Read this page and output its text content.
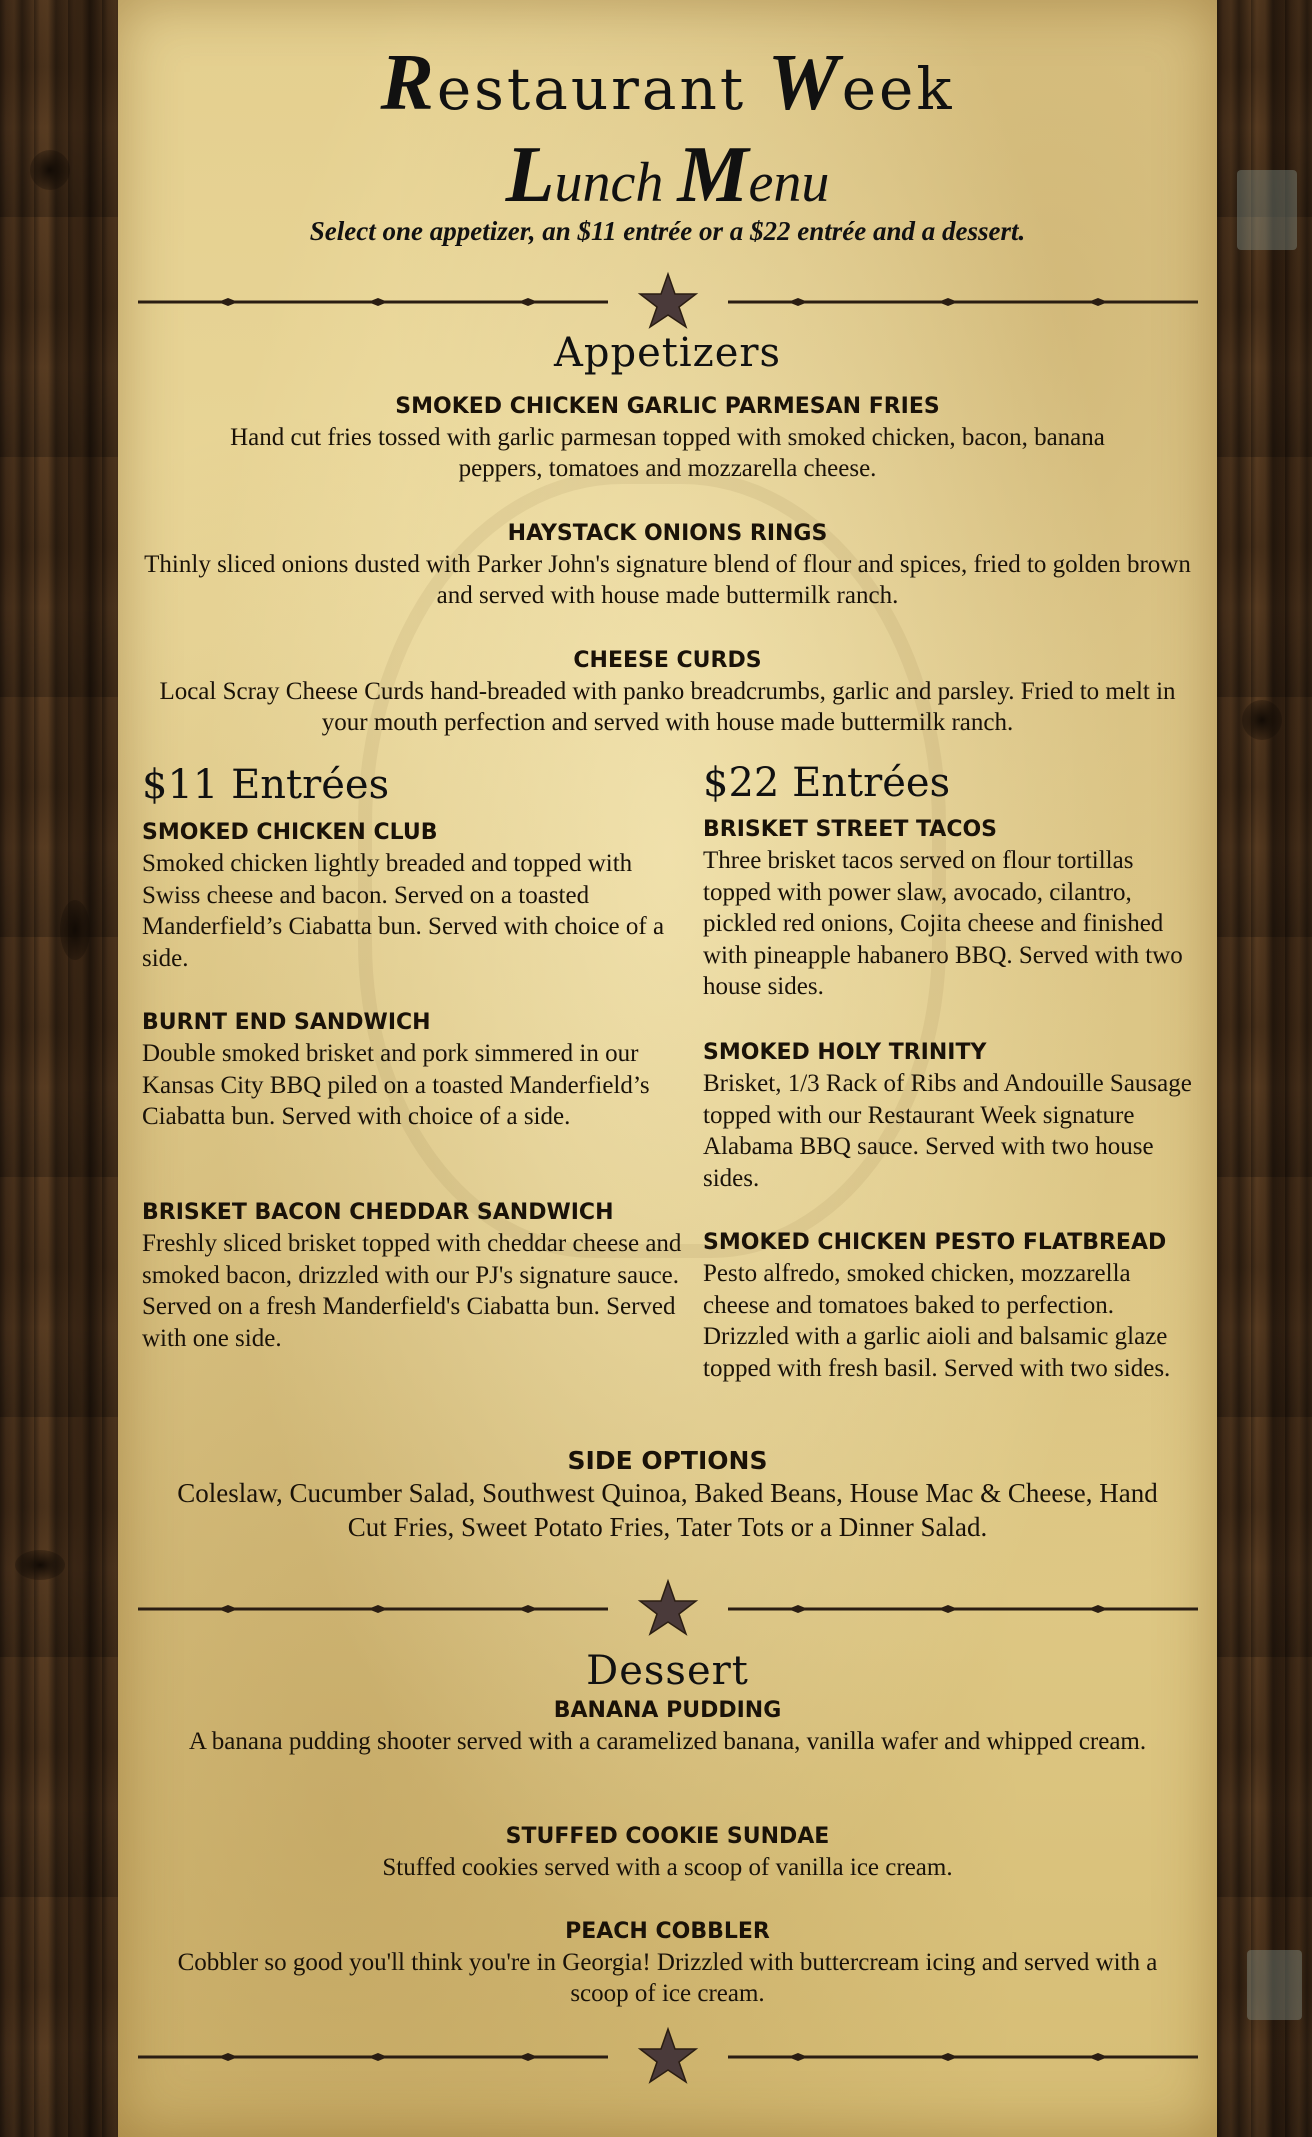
Restaurant Week
Lunch Menu
Select one appetizer, an $11 entrée or a $22 entrée and a dessert.
Appetizers
SMOKED CHICKEN GARLIC PARMESAN FRIES
Hand cut fries tossed with garlic parmesan topped with smoked chicken, bacon, banana peppers, tomatoes and mozzarella cheese.
HAYSTACK ONIONS RINGS
Thinly sliced onions dusted with Parker John's signature blend of flour and spices, fried to golden brown and served with house made buttermilk ranch.
CHEESE CURDS
Local Scray Cheese Curds hand-breaded with panko breadcrumbs, garlic and parsley. Fried to melt in your mouth perfection and served with house made buttermilk ranch.
$11 Entrées
SMOKED CHICKEN CLUB
Smoked chicken lightly breaded and topped with Swiss cheese and bacon. Served on a toasted Manderfield’s Ciabatta bun. Served with choice of a side.
BURNT END SANDWICH
Double smoked brisket and pork simmered in our Kansas City BBQ piled on a toasted Manderfield’s Ciabatta bun. Served with choice of a side.
BRISKET BACON CHEDDAR SANDWICH
Freshly sliced brisket topped with cheddar cheese and smoked bacon, drizzled with our PJ's signature sauce. Served on a fresh Manderfield's Ciabatta bun. Served with one side.
$22 Entrées
BRISKET STREET TACOS
Three brisket tacos served on flour tortillas topped with power slaw, avocado, cilantro, pickled red onions, Cojita cheese and finished with pineapple habanero BBQ. Served with two house sides.
SMOKED HOLY TRINITY
Brisket, 1/3 Rack of Ribs and Andouille Sausage topped with our Restaurant Week signature Alabama BBQ sauce. Served with two house sides.
SMOKED CHICKEN PESTO FLATBREAD
Pesto alfredo, smoked chicken, mozzarella cheese and tomatoes baked to perfection. Drizzled with a garlic aioli and balsamic glaze topped with fresh basil. Served with two sides.
SIDE OPTIONS
Coleslaw, Cucumber Salad, Southwest Quinoa, Baked Beans, House Mac & Cheese, Hand Cut Fries, Sweet Potato Fries, Tater Tots or a Dinner Salad.
Dessert
BANANA PUDDING
A banana pudding shooter served with a caramelized banana, vanilla wafer and whipped cream.
STUFFED COOKIE SUNDAE
Stuffed cookies served with a scoop of vanilla ice cream.
PEACH COBBLER
Cobbler so good you'll think you're in Georgia! Drizzled with buttercream icing and served with a scoop of ice cream.
